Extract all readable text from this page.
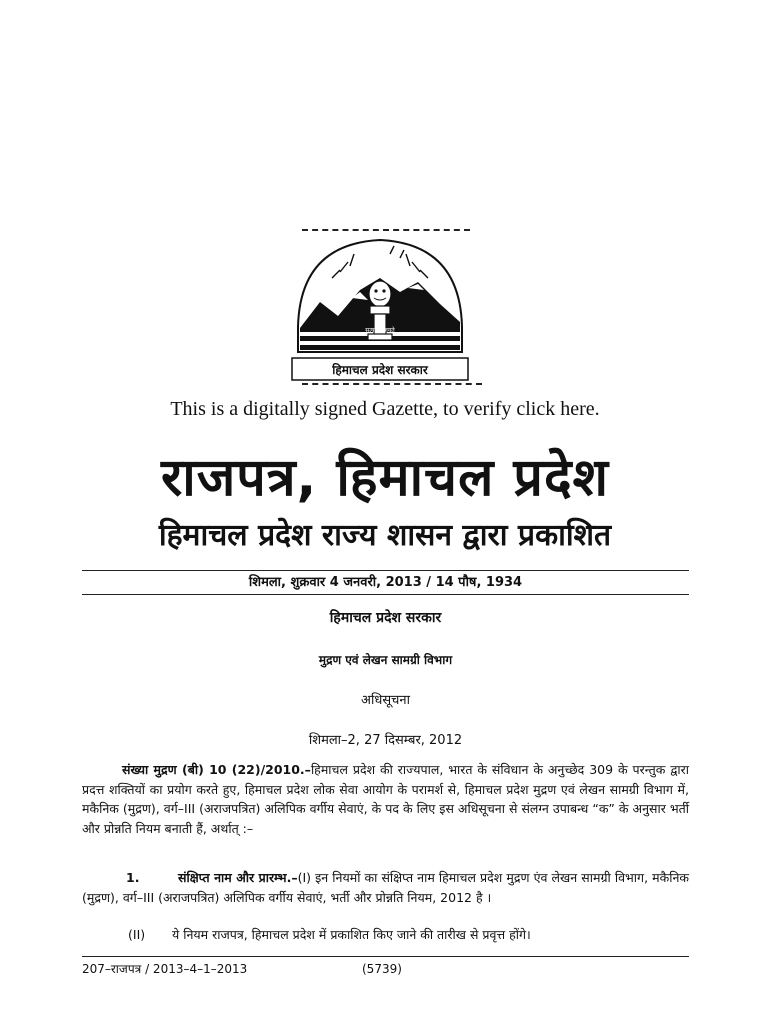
सत्यमेव जयते
हिमाचल प्रदेश सरकार
This is a digitally signed Gazette, to verify click here.
राजपत्र, हिमाचल प्रदेश
हिमाचल प्रदेश राज्य शासन द्वारा प्रकाशित
शिमला, शुक्रवार 4 जनवरी, 2013 / 14 पौष, 1934
हिमाचल प्रदेश सरकार
मुद्रण एवं लेखन सामग्री विभाग
अधिसूचना
शिमला–2, 27 दिसम्बर, 2012
संख्या मुद्रण (बी) 10 (22)/2010.–हिमाचल प्रदेश की राज्यपाल, भारत के संविधान के अनुच्छेद 309 के परन्तुक द्वारा प्रदत्त शक्तियों का प्रयोग करते हुए, हिमाचल प्रदेश लोक सेवा आयोग के परामर्श से, हिमाचल प्रदेश मुद्रण एवं लेखन सामग्री विभाग में, मकैनिक (मुद्रण), वर्ग–III (अराजपत्रित) अलिपिक वर्गीय सेवाएं, के पद के लिए इस अधिसूचना से संलग्न उपाबन्ध “क” के अनुसार भर्ती और प्रोन्नति नियम बनाती हैं, अर्थात् :–
1.	संक्षिप्त नाम और प्रारम्भ.–(I) इन नियमों का संक्षिप्त नाम हिमाचल प्रदेश मुद्रण एंव लेखन सामग्री विभाग, मकैनिक (मुद्रण), वर्ग–III (अराजपत्रित) अलिपिक वर्गीय सेवाएं, भर्ती और प्रोन्नति नियम, 2012 है ।
(II) ये नियम राजपत्र, हिमाचल प्रदेश में प्रकाशित किए जाने की तारीख से प्रवृत्त होंगे।
207–राजपत्र / 2013–4–1–2013	(5739)
